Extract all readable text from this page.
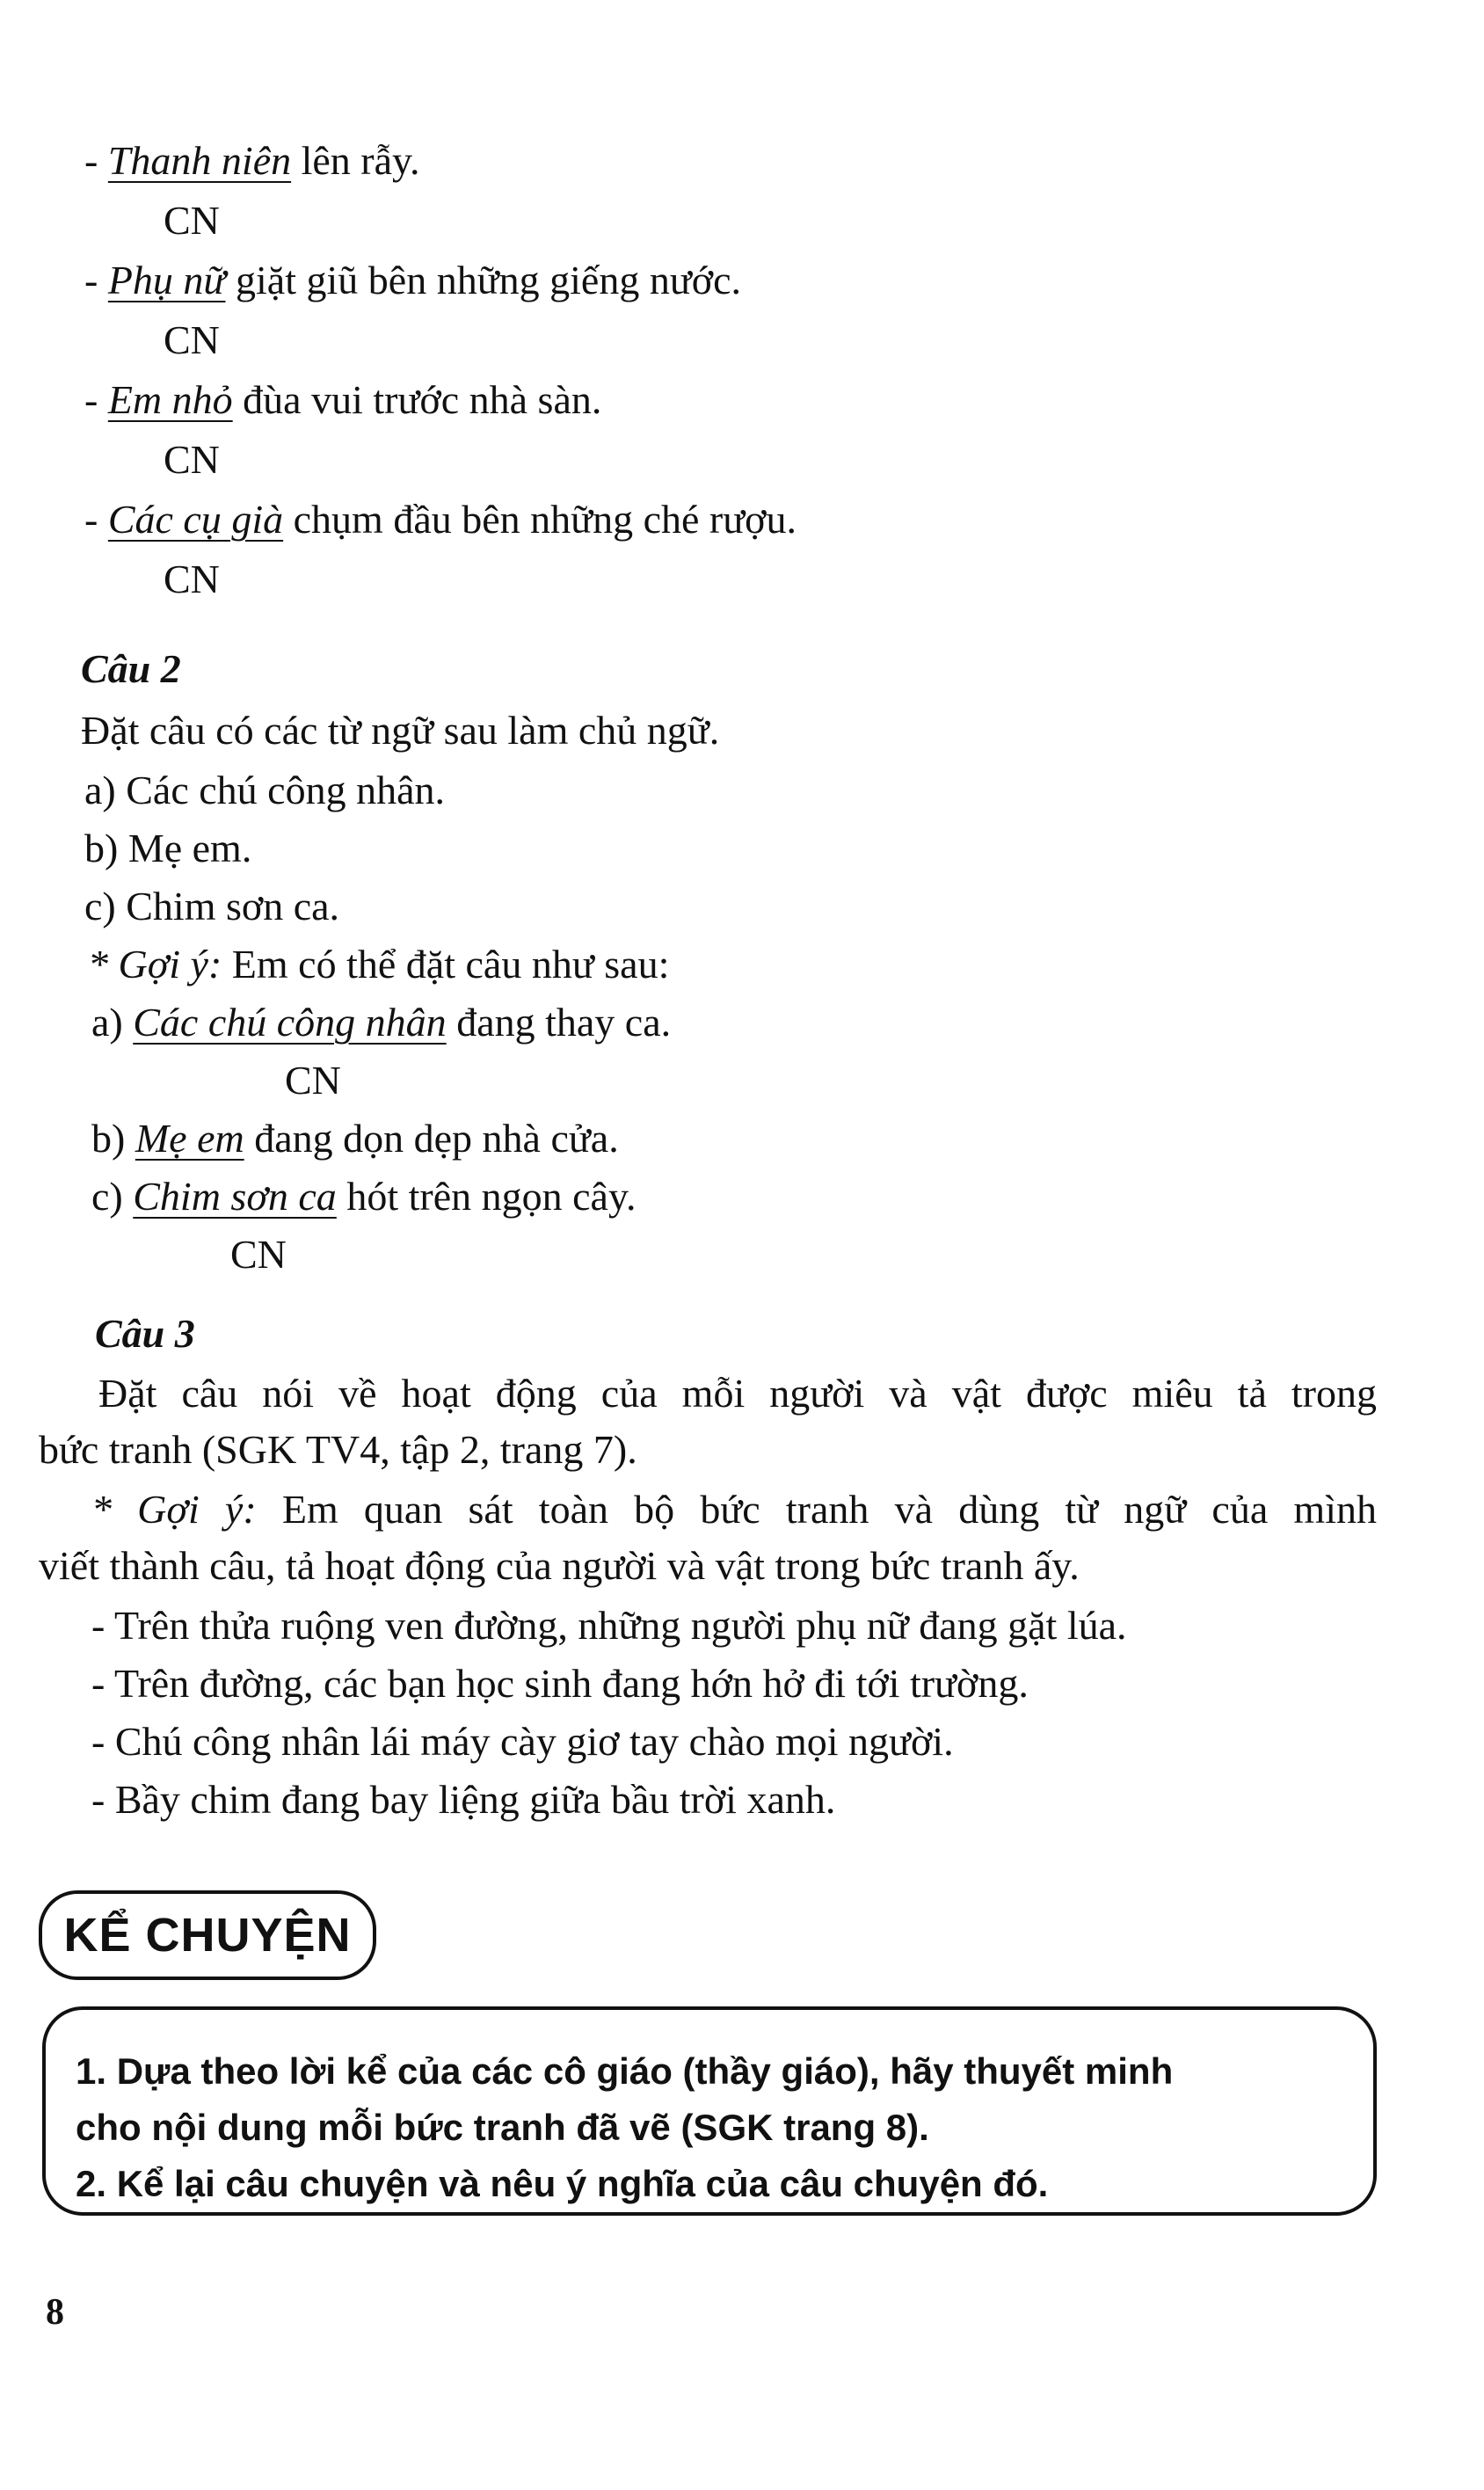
- Thanh niên lên rẫy.
CN
- Phụ nữ giặt giũ bên những giếng nước.
CN
- Em nhỏ đùa vui trước nhà sàn.
CN
- Các cụ già chụm đầu bên những ché rượu.
CN
Câu 2
Đặt câu có các từ ngữ sau làm chủ ngữ.
a) Các chú công nhân.
b) Mẹ em.
c) Chim sơn ca.
* Gợi ý: Em có thể đặt câu như sau:
a) Các chú công nhân đang thay ca.
CN
b) Mẹ em đang dọn dẹp nhà cửa.
c) Chim sơn ca hót trên ngọn cây.
CN
Câu 3
Đặt câu nói về hoạt động của mỗi người và vật được miêu tả trong
bức tranh (SGK TV4, tập 2, trang 7).
* Gợi ý: Em quan sát toàn bộ bức tranh và dùng từ ngữ của mình
viết thành câu, tả hoạt động của người và vật trong bức tranh ấy.
- Trên thửa ruộng ven đường, những người phụ nữ đang gặt lúa.
- Trên đường, các bạn học sinh đang hớn hở đi tới trường.
- Chú công nhân lái máy cày giơ tay chào mọi người.
- Bầy chim đang bay liệng giữa bầu trời xanh.
KỂ CHUYỆN
1. Dựa theo lời kể của các cô giáo (thầy giáo), hãy thuyết minh
cho nội dung mỗi bức tranh đã vẽ (SGK trang 8).
2. Kể lại câu chuyện và nêu ý nghĩa của câu chuyện đó.
8
